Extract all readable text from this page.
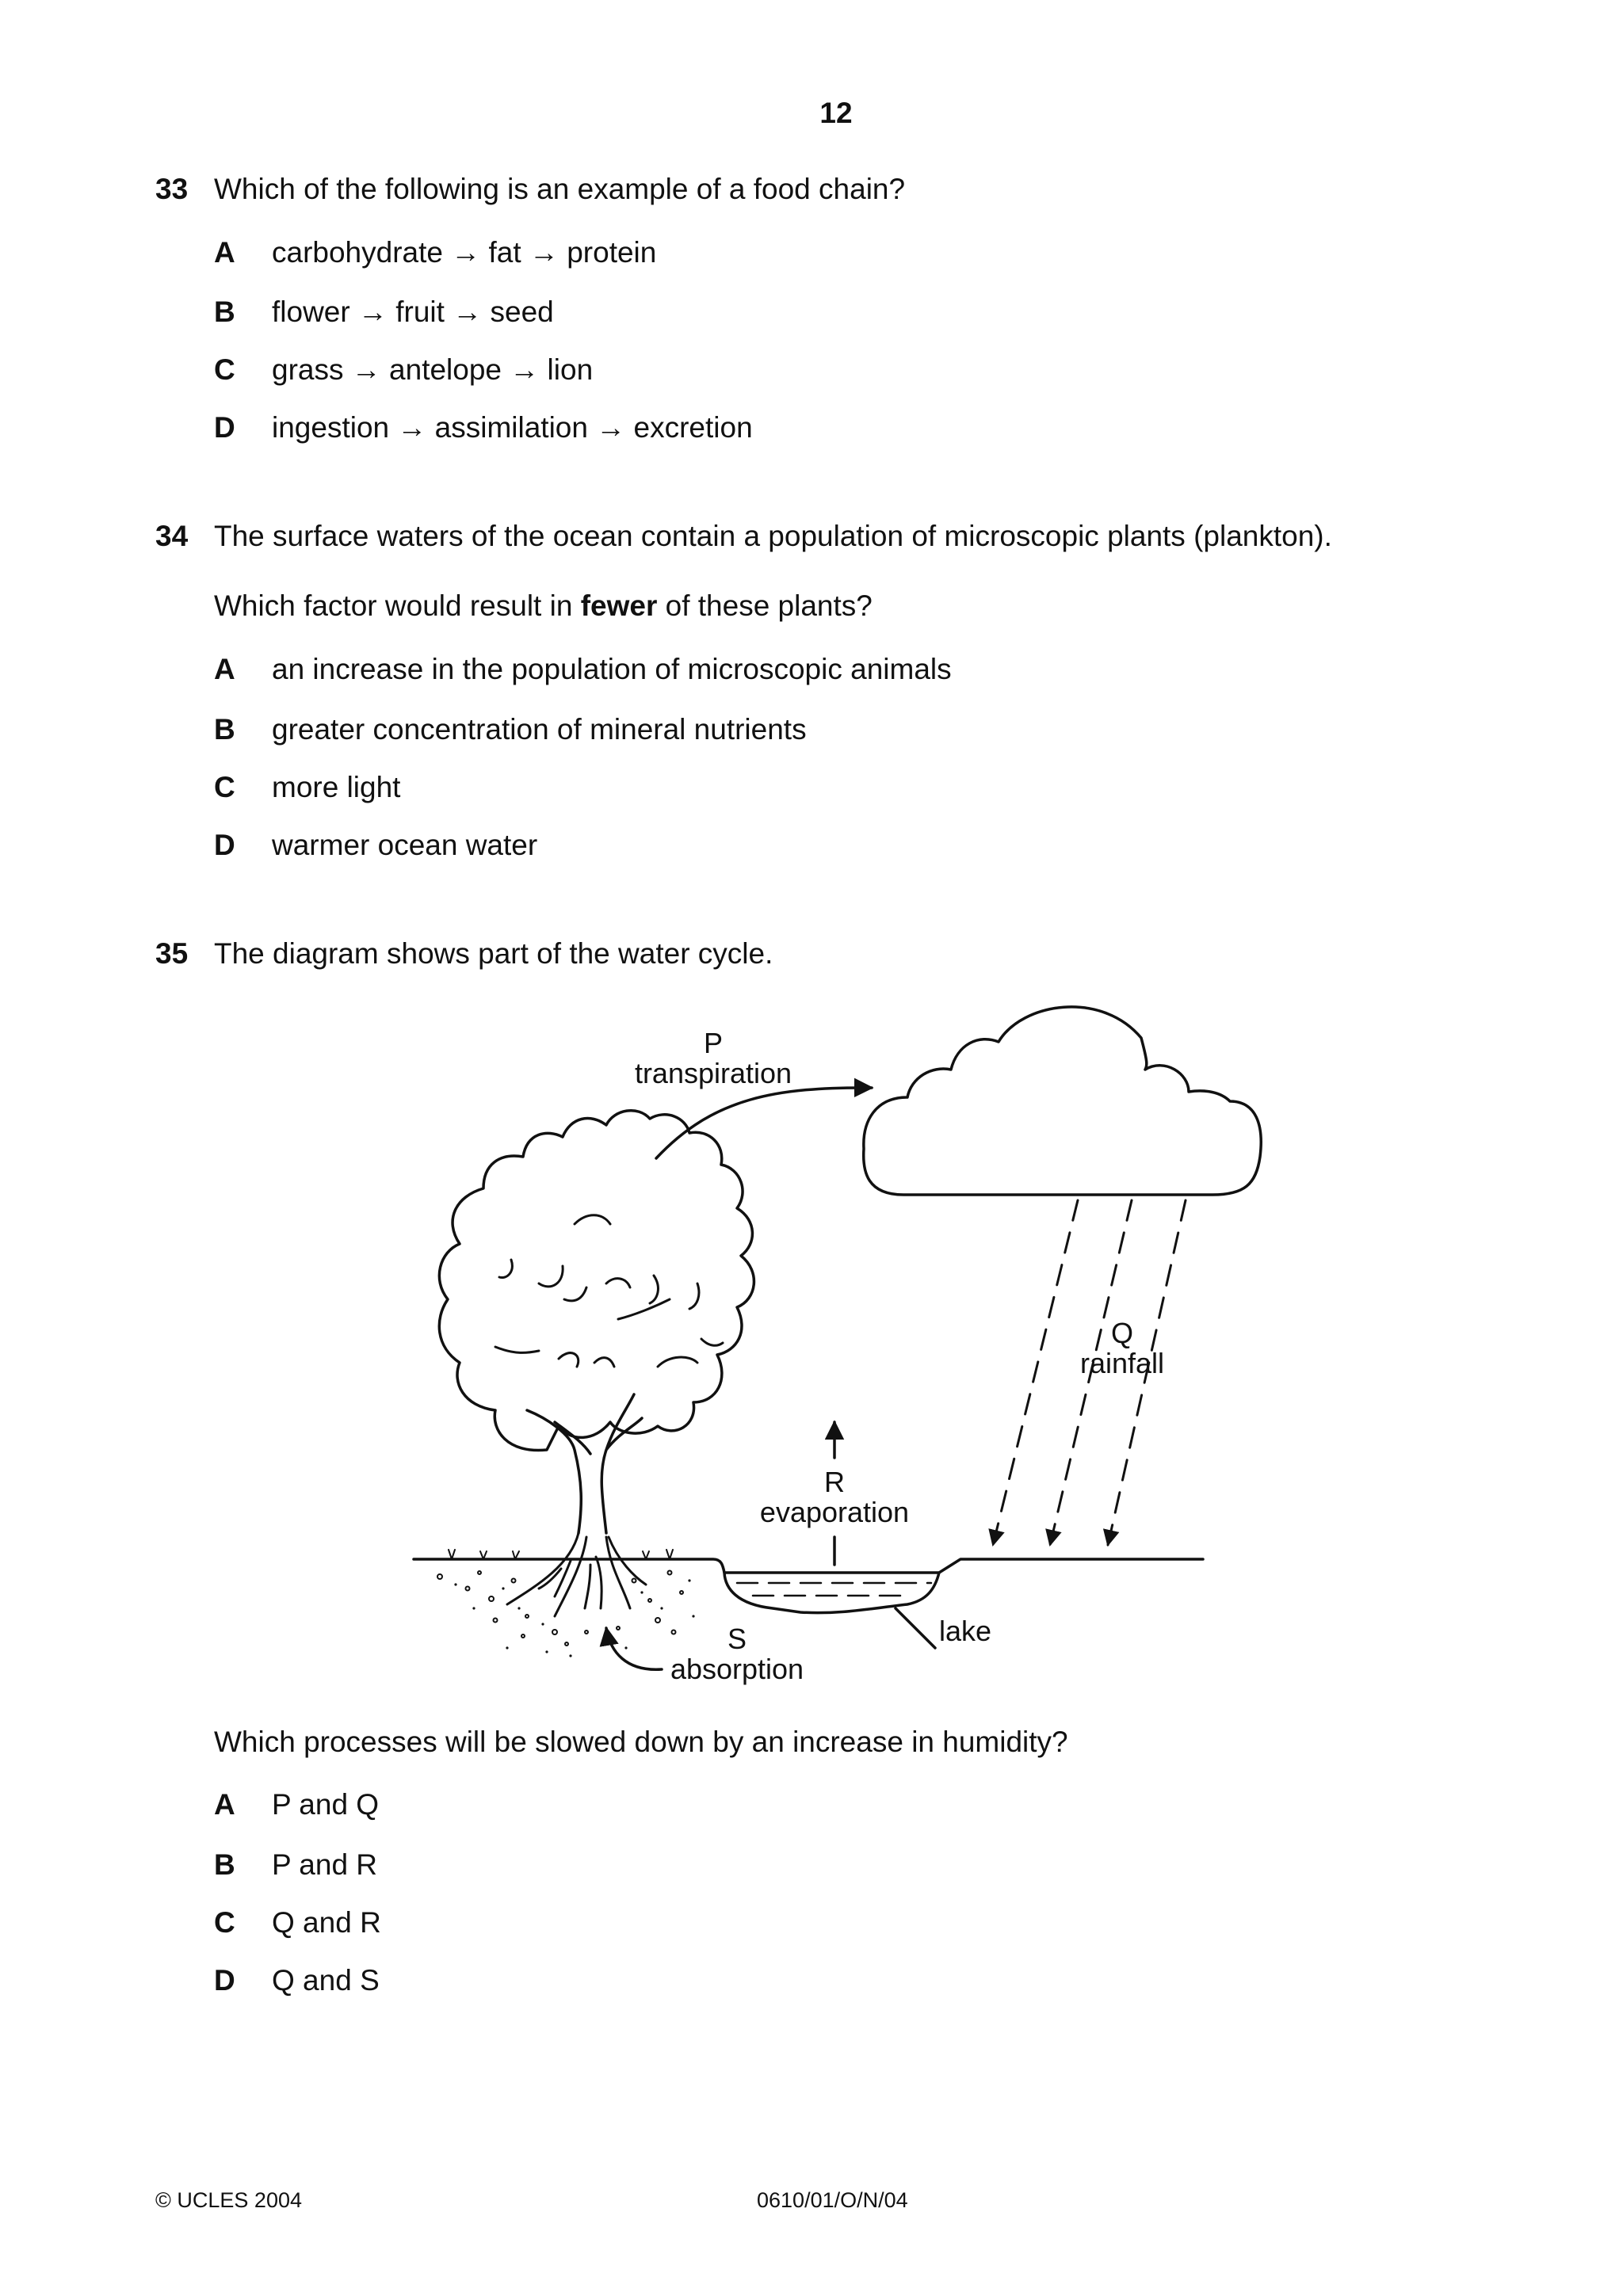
12
33 Which of the following is an example of a food chain?
A carbohydrate → fat → protein
B flower → fruit → seed
C grass → antelope → lion
D ingestion → assimilation → excretion
34 The surface waters of the ocean contain a population of microscopic plants (plankton).
Which factor would result in fewer of these plants?
A an increase in the population of microscopic animals
B greater concentration of mineral nutrients
C more light
D warmer ocean water
35 The diagram shows part of the water cycle.
P
transpiration
Q
rainfall
R
evaporation
lake
S
absorption
Which processes will be slowed down by an increase in humidity?
A P and Q
B P and R
C Q and R
D Q and S
© UCLES 2004	0610/01/O/N/04
